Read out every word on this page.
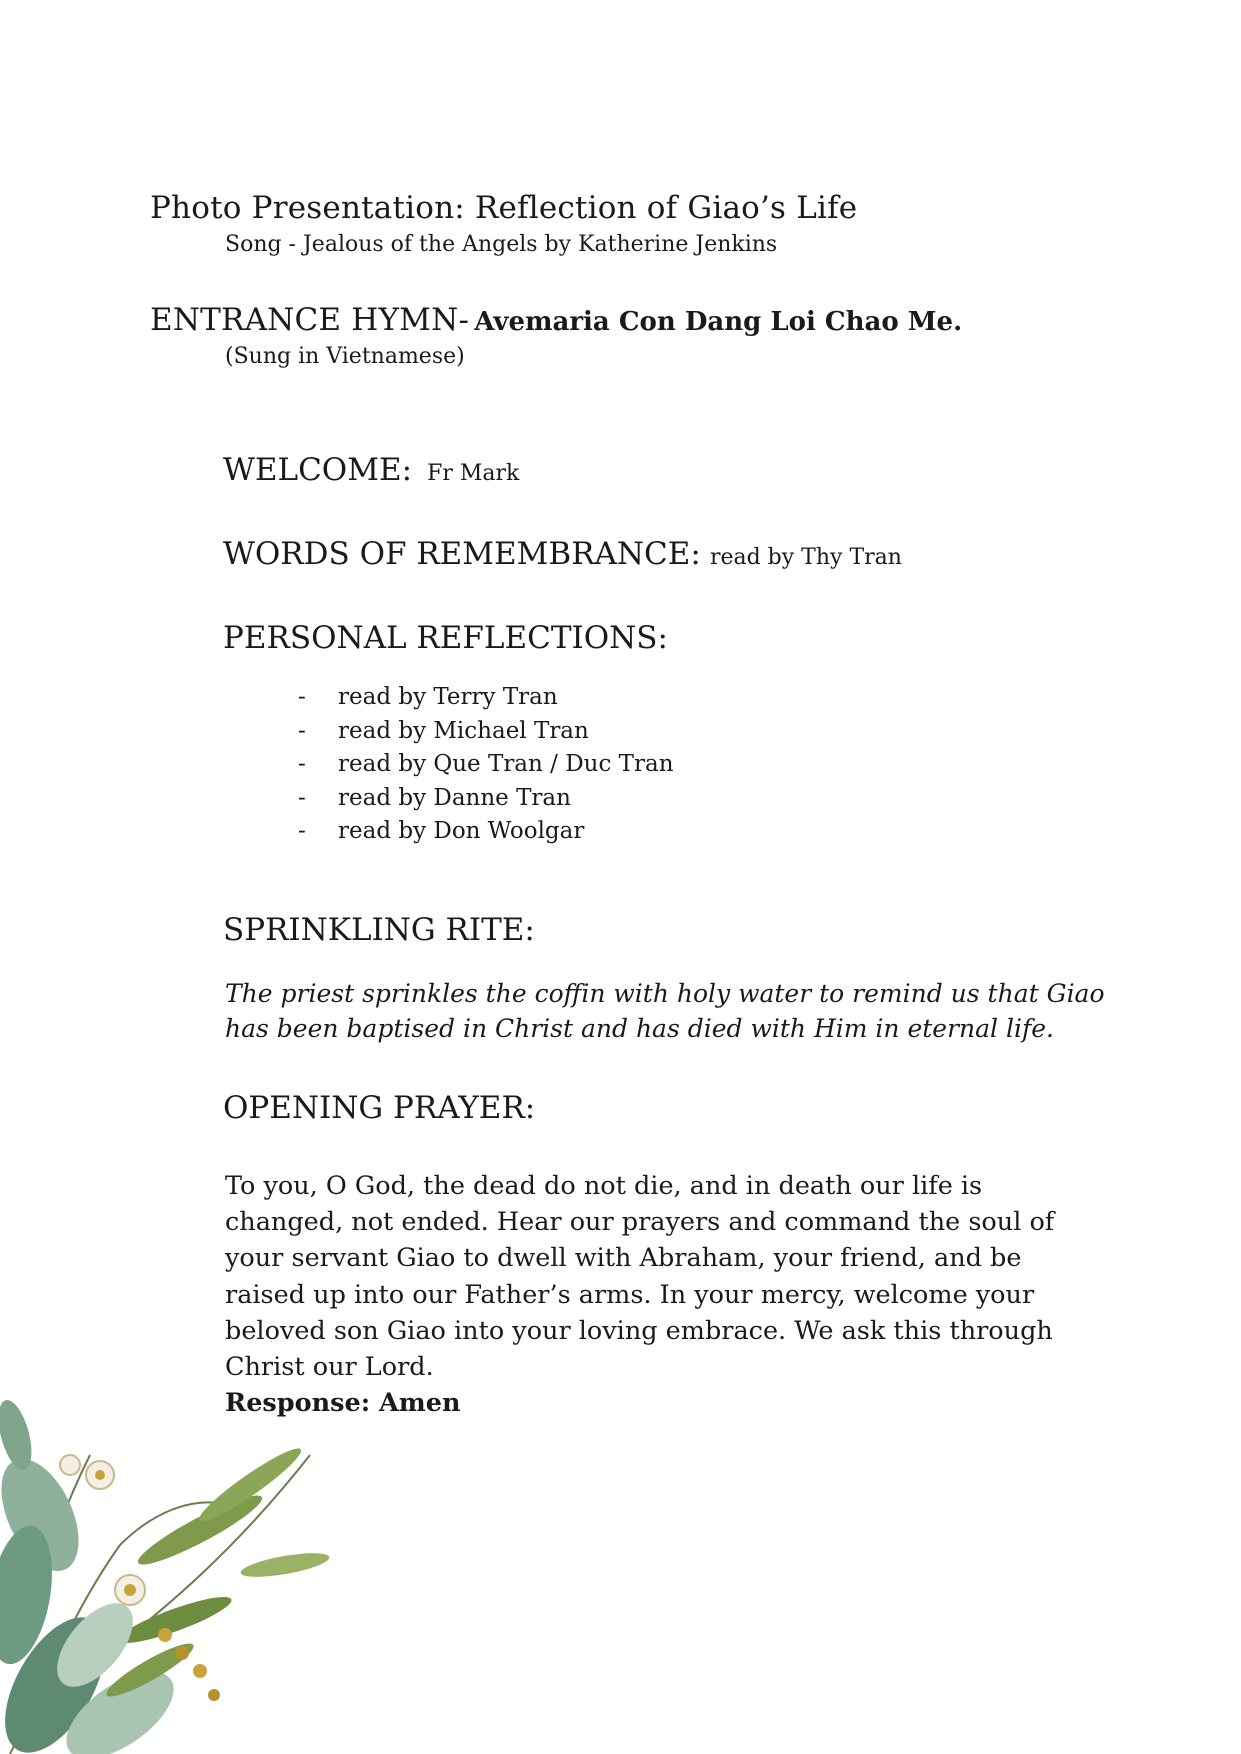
Photo Presentation: Reflection of Giao’s Life
Song - Jealous of the Angels by Katherine Jenkins
ENTRANCE HYMN- Avemaria Con Dang Loi Chao Me.
(Sung in Vietnamese)
WELCOME: Fr Mark
WORDS OF REMEMBRANCE: read by Thy Tran
PERSONAL REFLECTIONS:
- read by Terry Tran
- read by Michael Tran
- read by Que Tran / Duc Tran
- read by Danne Tran
- read by Don Woolgar
SPRINKLING RITE:

The priest sprinkles the coffin with holy water to remind us that Giao has been baptised in Christ and has died with Him in eternal life.

OPENING PRAYER:

To you, O God, the dead do not die, and in death our life is
changed, not ended. Hear our prayers and command the soul of
your servant Giao to dwell with Abraham, your friend, and be
raised up into our Father’s arms. In your mercy, welcome your
beloved son Giao into your loving embrace. We ask this through
Christ our Lord.

Response: Amen
